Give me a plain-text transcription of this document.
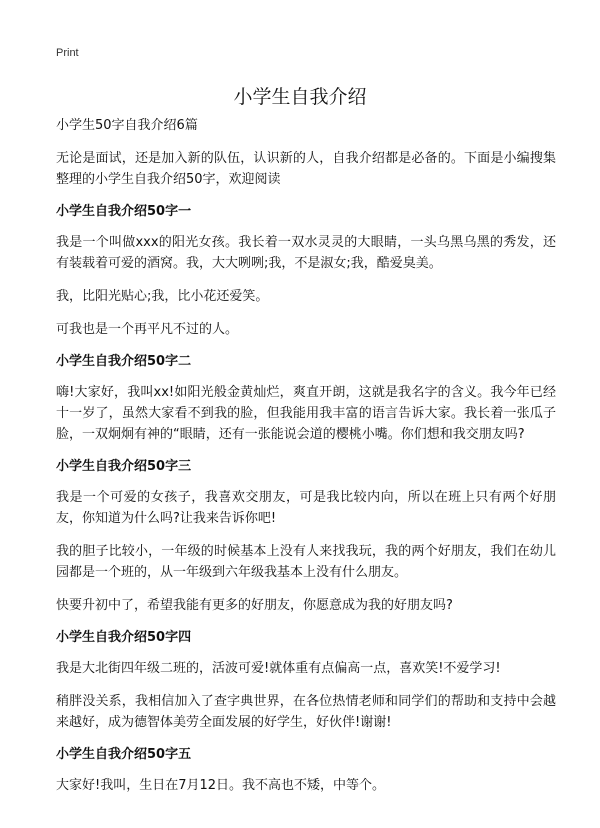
Print
小学生自我介绍

小学生50字自我介绍6篇

无论是面试，还是加入新的队伍，认识新的人，自我介绍都是必备的。下面是小编搜集整理的小学生自我介绍50字，欢迎阅读

小学生自我介绍50字一

我是一个叫做xxx的阳光女孩。我长着一双水灵灵的大眼睛，一头乌黑乌黑的秀发，还有装载着可爱的酒窝。我，大大咧咧;我，不是淑女;我，酷爱臭美。

我，比阳光贴心;我，比小花还爱笑。

可我也是一个再平凡不过的人。

小学生自我介绍50字二

嗨!大家好，我叫xx!如阳光般金黄灿烂，爽直开朗，这就是我名字的含义。我今年已经十一岁了，虽然大家看不到我的脸，但我能用我丰富的语言告诉大家。我长着一张瓜子脸，一双炯炯有神的“眼睛，还有一张能说会道的樱桃小嘴。你们想和我交朋友吗?

小学生自我介绍50字三

我是一个可爱的女孩子，我喜欢交朋友，可是我比较内向，所以在班上只有两个好朋友，你知道为什么吗?让我来告诉你吧!

我的胆子比较小，一年级的时候基本上没有人来找我玩，我的两个好朋友，我们在幼儿园都是一个班的，从一年级到六年级我基本上没有什么朋友。

快要升初中了，希望我能有更多的好朋友，你愿意成为我的好朋友吗?

小学生自我介绍50字四

我是大北街四年级二班的，活波可爱!就体重有点偏高一点，喜欢笑!不爱学习!

稍胖没关系，我相信加入了查字典世界，在各位热情老师和同学们的帮助和支持中会越来越好，成为德智体美劳全面发展的好学生，好伙伴!谢谢!

小学生自我介绍50字五

大家好!我叫，生日在7月12日。我不高也不矮，中等个。
